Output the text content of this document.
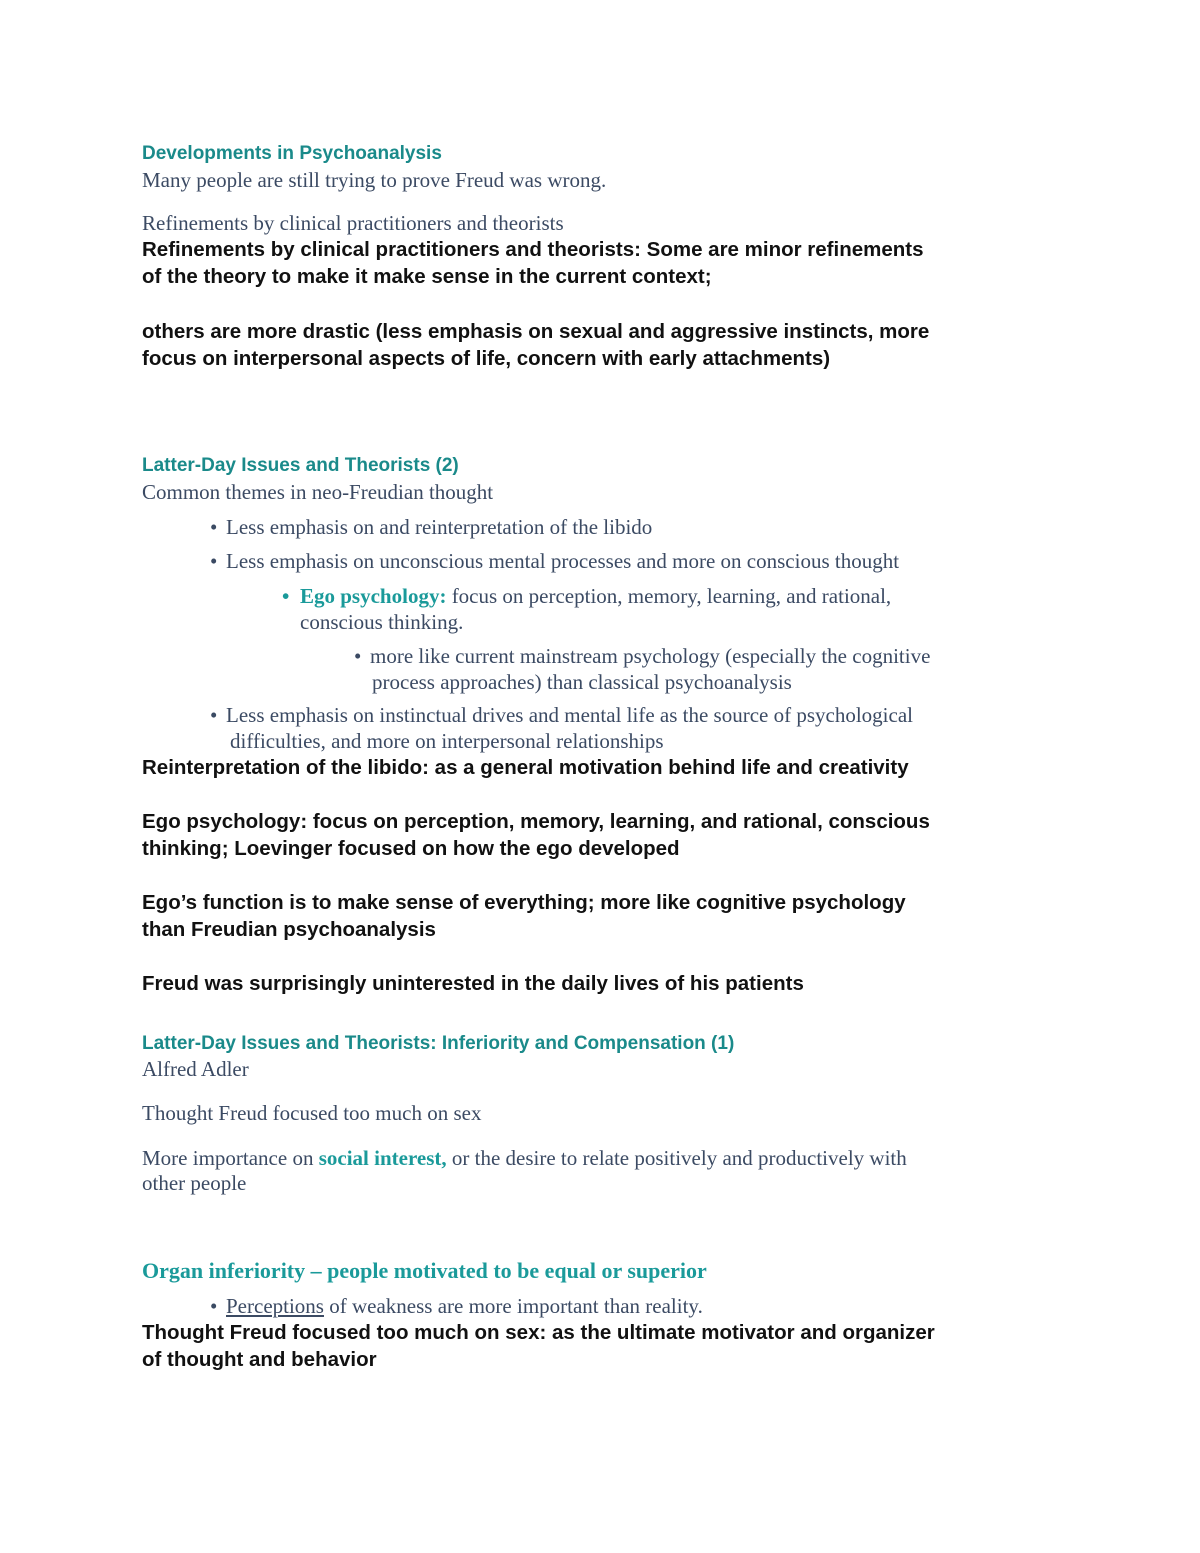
Developments in Psychoanalysis
Many people are still trying to prove Freud was wrong.
Refinements by clinical practitioners and theorists
Refinements by clinical practitioners and theorists: Some are minor refinements
of the theory to make it make sense in the current context;
others are more drastic (less emphasis on sexual and aggressive instincts, more
focus on interpersonal aspects of life, concern with early attachments)
Latter-Day Issues and Theorists (2)
Common themes in neo-Freudian thought
• Less emphasis on and reinterpretation of the libido
• Less emphasis on unconscious mental processes and more on conscious thought
• Ego psychology: focus on perception, memory, learning, and rational,
conscious thinking.
• more like current mainstream psychology (especially the cognitive
process approaches) than classical psychoanalysis
• Less emphasis on instinctual drives and mental life as the source of psychological
difficulties, and more on interpersonal relationships
Reinterpretation of the libido: as a general motivation behind life and creativity
Ego psychology: focus on perception, memory, learning, and rational, conscious
thinking; Loevinger focused on how the ego developed
Ego’s function is to make sense of everything; more like cognitive psychology
than Freudian psychoanalysis
Freud was surprisingly uninterested in the daily lives of his patients
Latter-Day Issues and Theorists: Inferiority and Compensation (1)
Alfred Adler
Thought Freud focused too much on sex
More importance on social interest, or the desire to relate positively and productively with
other people
Organ inferiority – people motivated to be equal or superior
• Perceptions of weakness are more important than reality.
Thought Freud focused too much on sex: as the ultimate motivator and organizer
of thought and behavior
